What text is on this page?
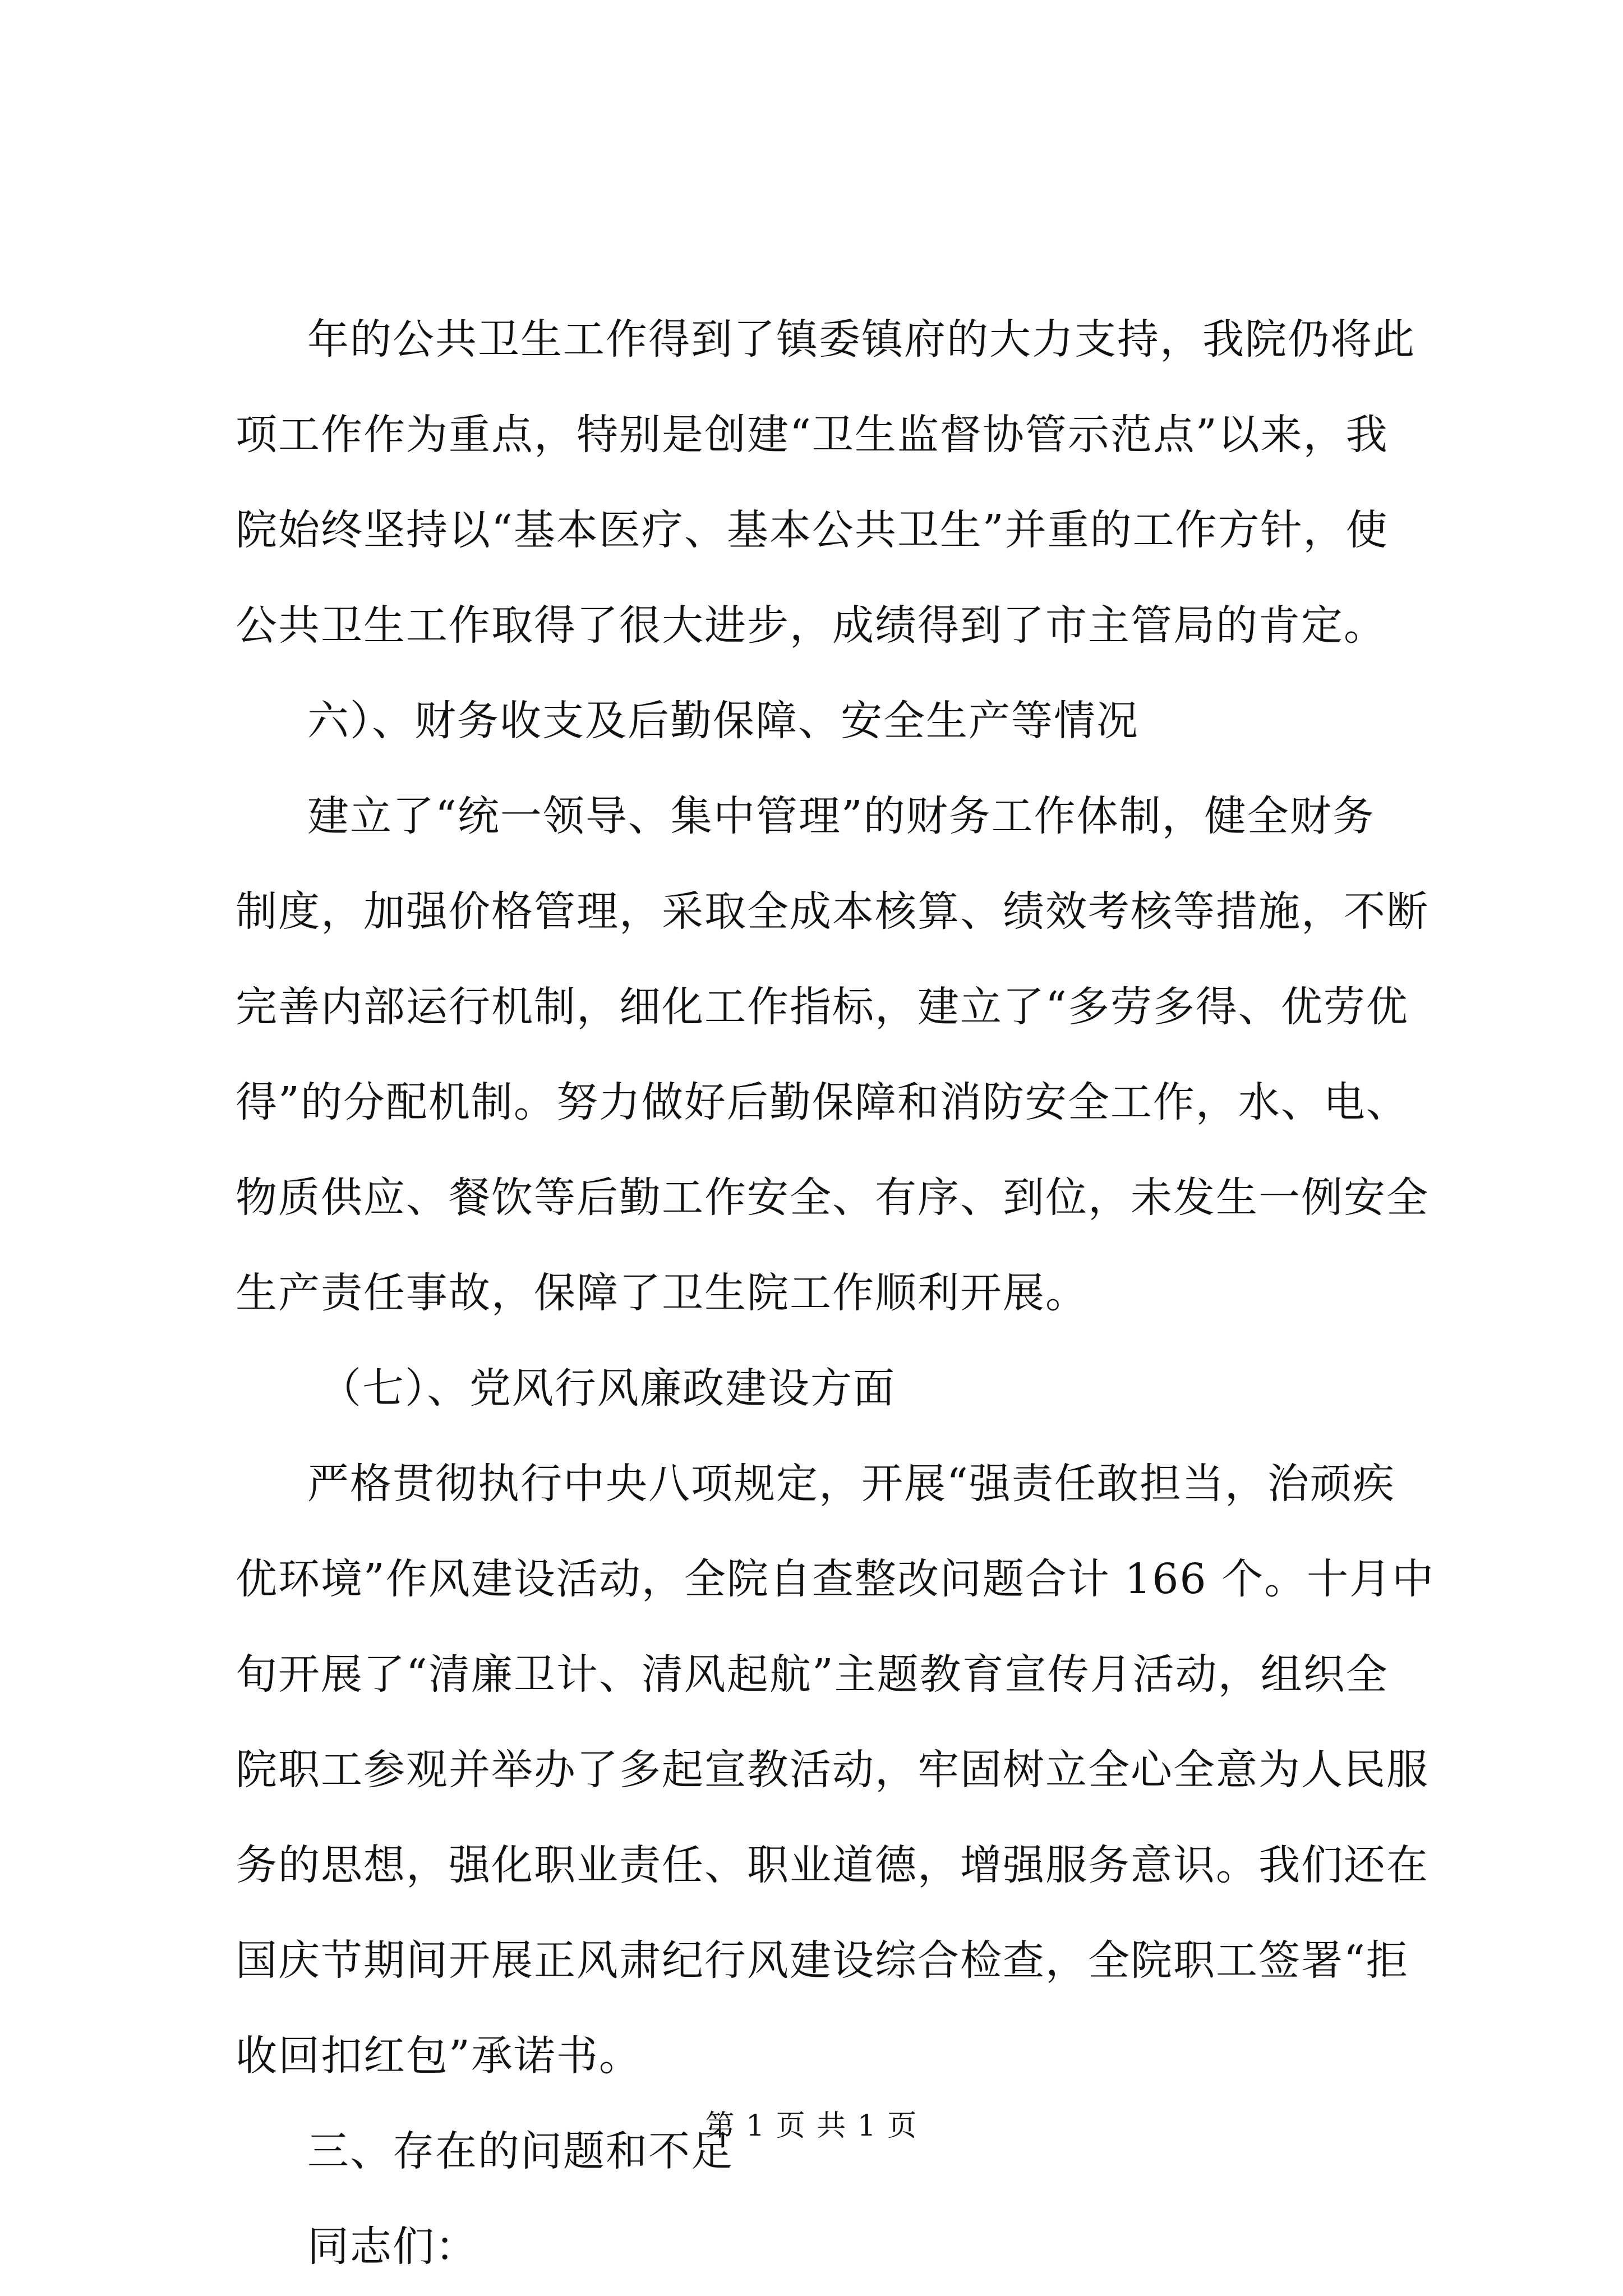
年的公共卫生工作得到了镇委镇府的大力支持，我院仍将此
项工作作为重点，特别是创建“卫生监督协管示范点”以来，我
院始终坚持以“基本医疗、基本公共卫生”并重的工作方针，使
公共卫生工作取得了很大进步，成绩得到了市主管局的肯定。
六）、财务收支及后勤保障、安全生产等情况
建立了“统一领导、集中管理”的财务工作体制，健全财务
制度，加强价格管理，采取全成本核算、绩效考核等措施，不断
完善内部运行机制，细化工作指标，建立了“多劳多得、优劳优
得”的分配机制。努力做好后勤保障和消防安全工作，水、电、
物质供应、餐饮等后勤工作安全、有序、到位，未发生一例安全
生产责任事故，保障了卫生院工作顺利开展。
（七）、党风行风廉政建设方面
严格贯彻执行中央八项规定，开展“强责任敢担当，治顽疾
优环境”作风建设活动，全院自查整改问题合计 166 个。十月中
旬开展了“清廉卫计、清风起航”主题教育宣传月活动，组织全
院职工参观并举办了多起宣教活动，牢固树立全心全意为人民服
务的思想，强化职业责任、职业道德，增强服务意识。我们还在
国庆节期间开展正风肃纪行风建设综合检查，全院职工签署“拒
收回扣红包”承诺书。
三、存在的问题和不足
同志们：
第 1 页 共 1 页
